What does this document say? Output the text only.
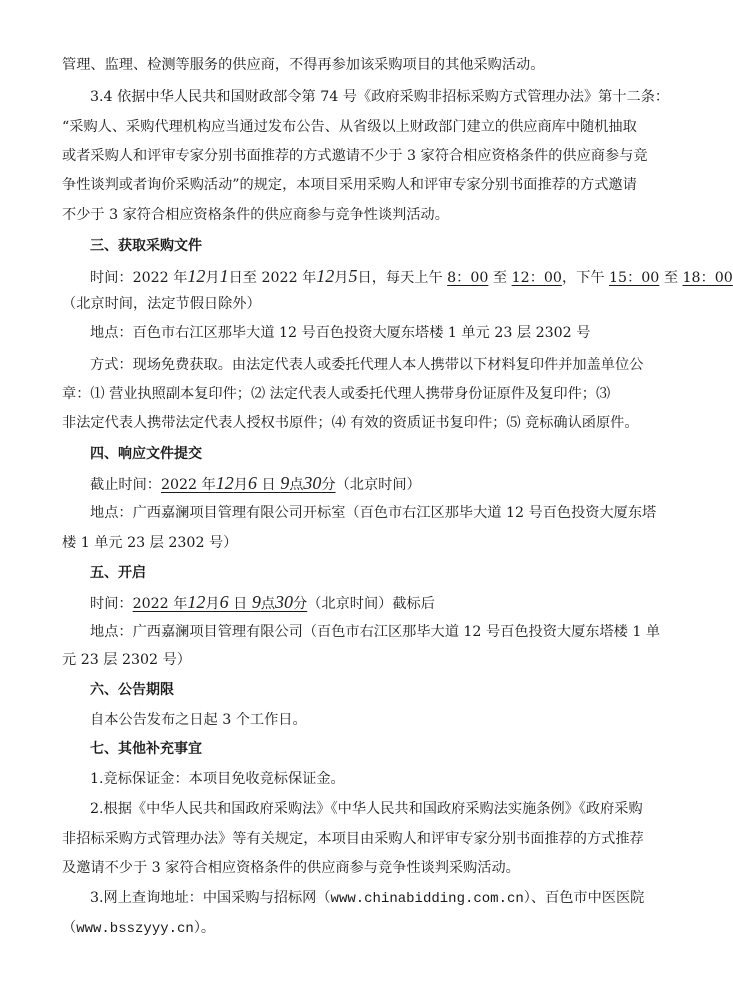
管理、监理、检测等服务的供应商，不得再参加该采购项目的其他采购活动。
3.4 依据中华人民共和国财政部令第 74 号《政府采购非招标采购方式管理办法》第十二条：
“采购人、采购代理机构应当通过发布公告、从省级以上财政部门建立的供应商库中随机抽取
或者采购人和评审专家分别书面推荐的方式邀请不少于 3 家符合相应资格条件的供应商参与竞
争性谈判或者询价采购活动”的规定，本项目采用采购人和评审专家分别书面推荐的方式邀请
不少于 3 家符合相应资格条件的供应商参与竞争性谈判活动。
三、获取采购文件
时间：2022 年12月1日至 2022 年12月5日，每天上午 8：00 至 12：00，下午 15：00 至 18：00
（北京时间，法定节假日除外）
地点：百色市右江区那毕大道 12 号百色投资大厦东塔楼 1 单元 23 层 2302 号
方式：现场免费获取。由法定代表人或委托代理人本人携带以下材料复印件并加盖单位公
章：⑴ 营业执照副本复印件；⑵ 法定代表人或委托代理人携带身份证原件及复印件；⑶
非法定代表人携带法定代表人授权书原件；⑷ 有效的资质证书复印件；⑸ 竞标确认函原件。
四、响应文件提交
截止时间：2022 年12月6 日 9点30分（北京时间）
地点：广西嘉澜项目管理有限公司开标室（百色市右江区那毕大道 12 号百色投资大厦东塔
楼 1 单元 23 层 2302 号）
五、开启
时间：2022 年12月6 日 9点30分（北京时间）截标后
地点：广西嘉澜项目管理有限公司（百色市右江区那毕大道 12 号百色投资大厦东塔楼 1 单
元 23 层 2302 号）
六、公告期限
自本公告发布之日起 3 个工作日。
七、其他补充事宜
1.竞标保证金：本项目免收竞标保证金。
2.根据《中华人民共和国政府采购法》《中华人民共和国政府采购法实施条例》《政府采购
非招标采购方式管理办法》等有关规定，本项目由采购人和评审专家分别书面推荐的方式推荐
及邀请不少于 3 家符合相应资格条件的供应商参与竞争性谈判采购活动。
3.网上查询地址：中国采购与招标网（www.chinabidding.com.cn）、百色市中医医院
（www.bsszyyy.cn）。
